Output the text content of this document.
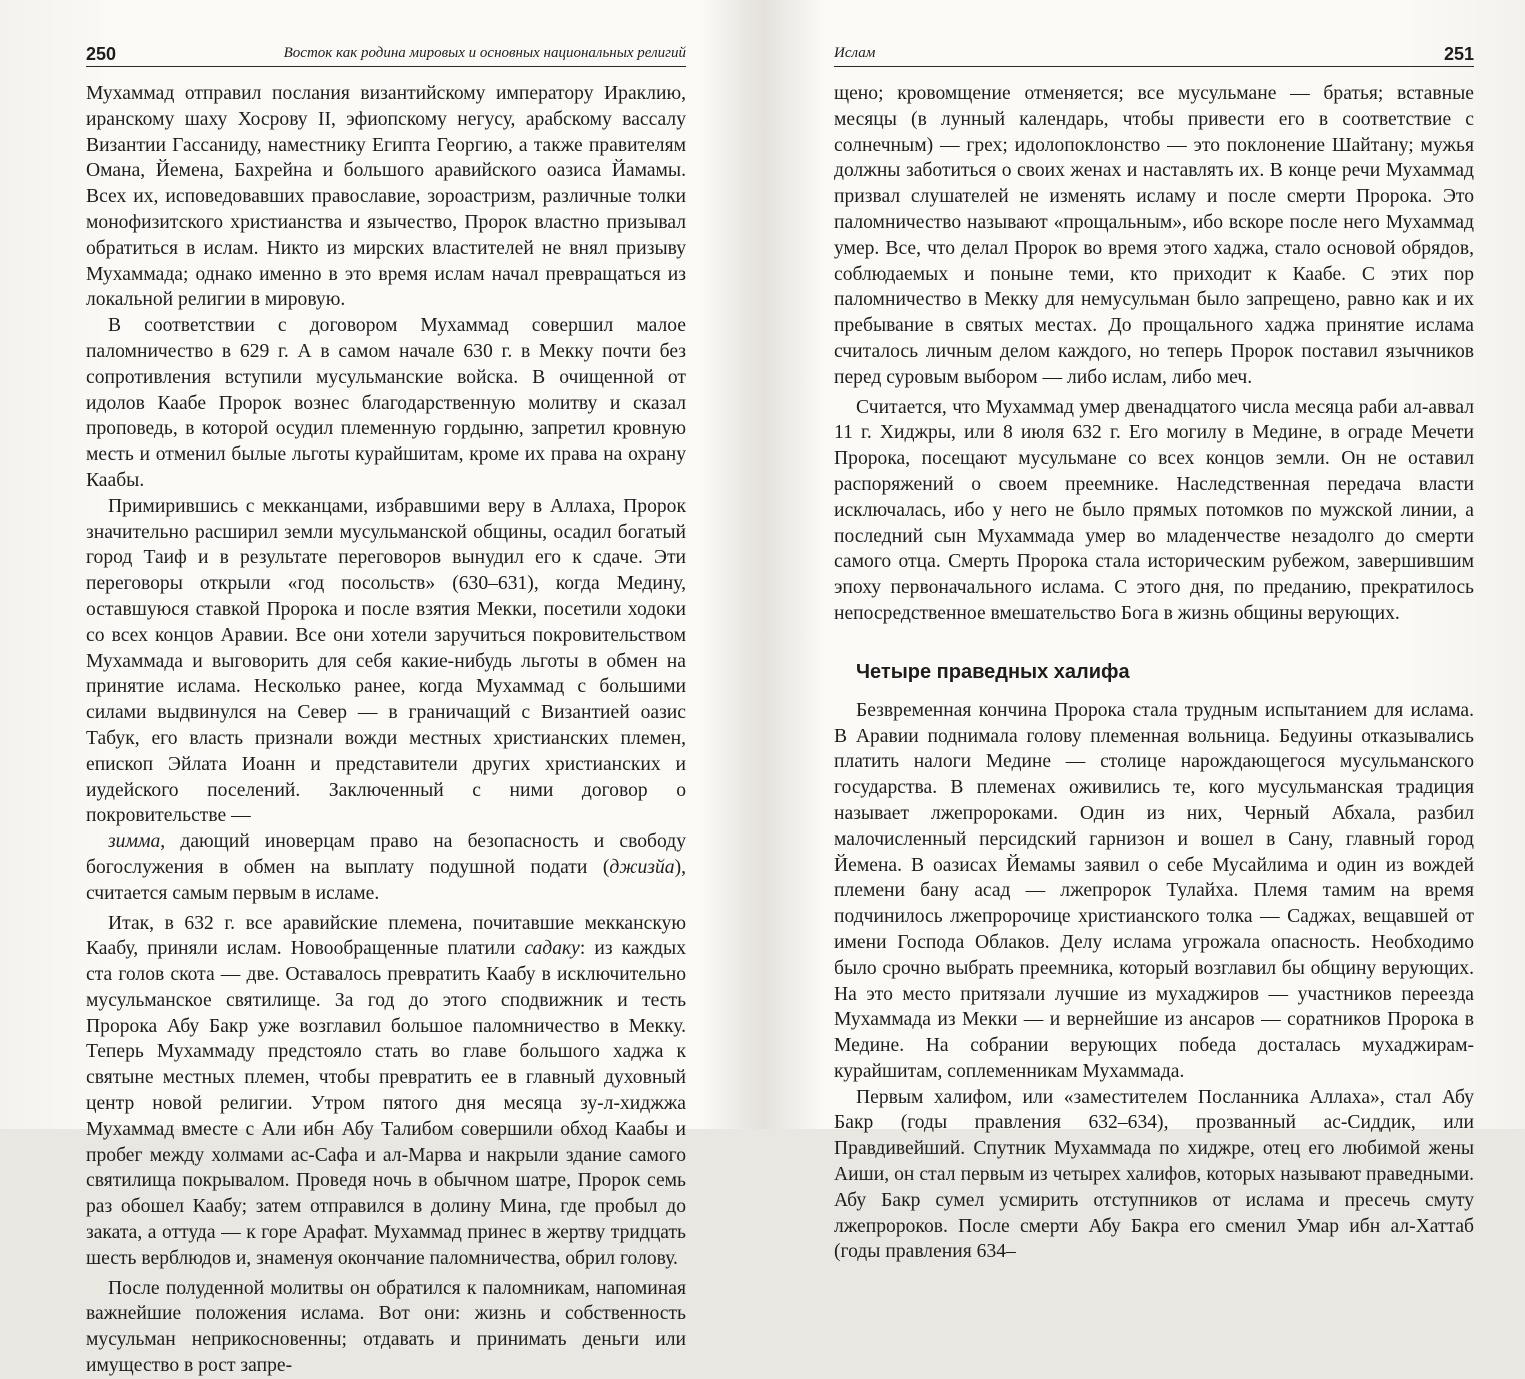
250	Восток как родина мировых и основных национальных религий

Мухаммад отправил послания византийскому императору Ираклию, иранскому шаху Хосрову II, эфиопскому негусу, арабскому вассалу Византии Гассаниду, наместнику Египта Георгию, а также правителям Омана, Йемена, Бахрейна и большого аравийского оазиса Йамамы. Всех их, исповедовавших православие, зороастризм, различные толки монофизитского христианства и язычество, Пророк властно призывал обратиться в ислам. Никто из мирских властителей не внял призыву Мухаммада; однако именно в это время ислам начал превращаться из локальной религии в мировую.

В соответствии с договором Мухаммад совершил малое паломничество в 629 г. А в самом начале 630 г. в Мекку почти без сопротивления вступили мусульманские войска. В очищенной от идолов Каабе Пророк вознес благодарственную молитву и сказал проповедь, в которой осудил племенную гордыню, запретил кровную месть и отменил былые льготы курайшитам, кроме их права на охрану Каабы.

Примирившись с мекканцами, избравшими веру в Аллаха, Пророк значительно расширил земли мусульманской общины, осадил богатый город Таиф и в результате переговоров вынудил его к сдаче. Эти переговоры открыли «год посольств» (630–631), когда Медину, оставшуюся ставкой Пророка и после взятия Мекки, посетили ходоки со всех концов Аравии. Все они хотели заручиться покровительством Мухаммада и выговорить для себя какие-нибудь льготы в обмен на принятие ислама. Несколько ранее, когда Мухаммад с большими силами выдвинулся на Север — в граничащий с Византией оазис Табук, его власть признали вожди местных христианских племен, епископ Эйлата Иоанн и представители других христианских и иудейского поселений. Заключенный с ними договор о покровительстве —

зимма, дающий иноверцам право на безопасность и свободу богослужения в обмен на выплату подушной подати (джизйа), считается самым первым в исламе.

Итак, в 632 г. все аравийские племена, почитавшие мекканскую Каабу, приняли ислам. Новообращенные платили садаку: из каждых ста голов скота — две. Оставалось превратить Каабу в исключительно мусульманское святилище. За год до этого сподвижник и тесть Пророка Абу Бакр уже возглавил большое паломничество в Мекку. Теперь Мухаммаду предстояло стать во главе большого хаджа к святыне местных племен, чтобы превратить ее в главный духовный центр новой религии. Утром пятого дня месяца зу-л-хиджжа Мухаммад вместе с Али ибн Абу Талибом совершили обход Каабы и пробег между холмами ас-Сафа и ал-Марва и накрыли здание самого святилища покрывалом. Проведя ночь в обычном шатре, Пророк семь раз обошел Каабу; затем отправился в долину Мина, где пробыл до заката, а оттуда — к горе Арафат. Мухаммад принес в жертву тридцать шесть верблюдов и, знаменуя окончание паломничества, обрил голову.

После полуденной молитвы он обратился к паломникам, напоминая важнейшие положения ислама. Вот они: жизнь и собственность мусульман неприкосновенны; отдавать и принимать деньги или имущество в рост запре-

Ислам	251

щено; кровомщение отменяется; все мусульмане — братья; вставные месяцы (в лунный календарь, чтобы привести его в соответствие с солнечным) — грех; идолопоклонство — это поклонение Шайтану; мужья должны заботиться о своих женах и наставлять их. В конце речи Мухаммад призвал слушателей не изменять исламу и после смерти Пророка. Это паломничество называют «прощальным», ибо вскоре после него Мухаммад умер. Все, что делал Пророк во время этого хаджа, стало основой обрядов, соблюдаемых и поныне теми, кто приходит к Каабе. С этих пор паломничество в Мекку для немусульман было запрещено, равно как и их пребывание в святых местах. До прощального хаджа принятие ислама считалось личным делом каждого, но теперь Пророк поставил язычников перед суровым выбором — либо ислам, либо меч.

Считается, что Мухаммад умер двенадцатого числа месяца раби ал-аввал 11 г. Хиджры, или 8 июля 632 г. Его могилу в Медине, в ограде Мечети Пророка, посещают мусульмане со всех концов земли. Он не оставил распоряжений о своем преемнике. Наследственная передача власти исключалась, ибо у него не было прямых потомков по мужской линии, а последний сын Мухаммада умер во младенчестве незадолго до смерти самого отца. Смерть Пророка стала историческим рубежом, завершившим эпоху первоначального ислама. С этого дня, по преданию, прекратилось непосредственное вмешательство Бога в жизнь общины верующих.

Четыре праведных халифа

Безвременная кончина Пророка стала трудным испытанием для ислама. В Аравии поднимала голову племенная вольница. Бедуины отказывались платить налоги Медине — столице нарождающегося мусульманского государства. В племенах оживились те, кого мусульманская традиция называет лжепророками. Один из них, Черный Абхала, разбил малочисленный персидский гарнизон и вошел в Сану, главный город Йемена. В оазисах Йемамы заявил о себе Мусайлима и один из вождей племени бану асад — лжепророк Тулайха. Племя тамим на время подчинилось лжепророчице христианского толка — Саджах, вещавшей от имени Господа Облаков. Делу ислама угрожала опасность. Необходимо было срочно выбрать преемника, который возглавил бы общину верующих. На это место притязали лучшие из мухаджиров — участников переезда Мухаммада из Мекки — и вернейшие из ансаров — соратников Пророка в Медине. На собрании верующих победа досталась мухаджирам-курайшитам, соплеменникам Мухаммада.

Первым халифом, или «заместителем Посланника Аллаха», стал Абу Бакр (годы правления 632–634), прозванный ас-Сиддик, или Правдивейший. Спутник Мухаммада по хиджре, отец его любимой жены Аиши, он стал первым из четырех халифов, которых называют праведными. Абу Бакр сумел усмирить отступников от ислама и пресечь смуту лжепророков. После смерти Абу Бакра его сменил Умар ибн ал-Хаттаб (годы правления 634–
